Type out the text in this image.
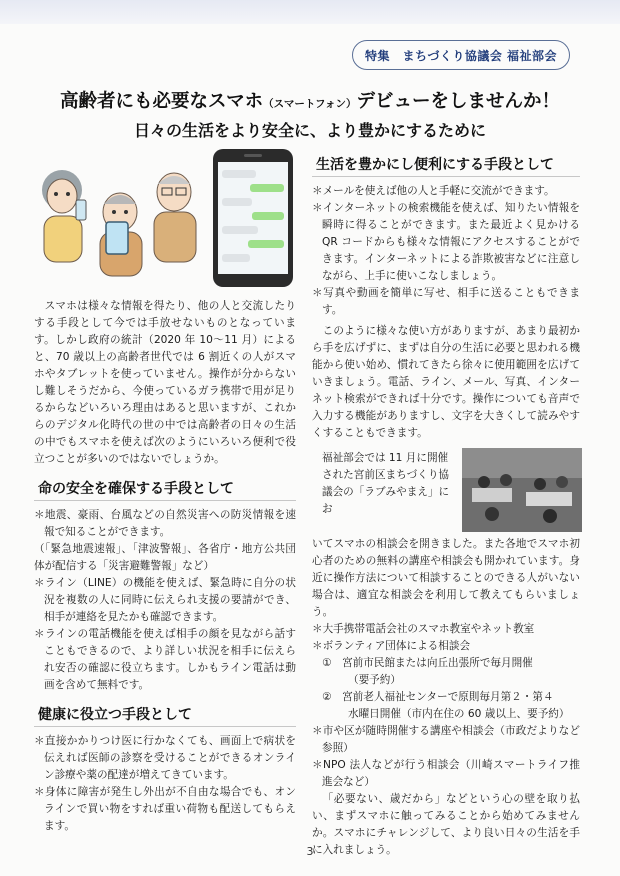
特集　まちづくり協議会 福祉部会
高齢者にも必要なスマホ（スマートフォン）デビューをしませんか！
日々の生活をより安全に、より豊かにするために

スマホは様々な情報を得たり、他の人と交流したりする手段として今では手放せないものとなっています。しかし政府の統計（2020 年 10～11 月）によると、70 歳以上の高齢者世代では 6 割近くの人がスマホやタブレットを使っていません。操作が分からないし難しそうだから、今使っているガラ携帯で用が足りるからなどいろいろ理由はあると思いますが、これからのデジタル化時代の世の中では高齢者の日々の生活の中でもスマホを使えば次のようにいろいろ便利で役立つことが多いのではないでしょうか。

命の安全を確保する手段として

＊地震、豪雨、台風などの自然災害への防災情報を速報で知ることができます。

（「緊急地震速報」、「津波警報」、各省庁・地方公共団体が配信する「災害避難警報」など）

＊ライン（LINE）の機能を使えば、緊急時に自分の状況を複数の人に同時に伝えられ支援の要請ができ、相手が連絡を見たかも確認できます。

＊ラインの電話機能を使えば相手の顔を見ながら話すこともできるので、より詳しい状況を相手に伝えられ安否の確認に役立ちます。しかもライン電話は動画を含めて無料です。

健康に役立つ手段として

＊直接かかりつけ医に行かなくても、画面上で病状を伝えれば医師の診察を受けることができるオンライン診療や薬の配達が増えてきています。

＊身体に障害が発生し外出が不自由な場合でも、オンラインで買い物をすれば重い荷物も配送してもらえます。

生活を豊かにし便利にする手段として

＊メールを使えば他の人と手軽に交流ができます。

＊インターネットの検索機能を使えば、知りたい情報を瞬時に得ることができます。また最近よく見かける QR コードからも様々な情報にアクセスすることができます。インターネットによる詐欺被害などに注意しながら、上手に使いこなしましょう。

＊写真や動画を簡単に写せ、相手に送ることもできます。

このように様々な使い方がありますが、あまり最初から手を広げずに、まずは自分の生活に必要と思われる機能から使い始め、慣れてきたら徐々に使用範囲を広げていきましょう。電話、ライン、メール、写真、インターネット検索ができれば十分です。操作についても音声で入力する機能がありますし、文字を大きくして読みやすくすることもできます。

福祉部会では 11 月に開催された宮前区まちづくり協議会の「ラブみやまえ」にお

いてスマホの相談会を開きました。また各地でスマホ初心者のための無料の講座や相談会も開かれています。身近に操作方法について相談することのできる人がいない場合は、適宜な相談会を利用して教えてもらいましょう。

＊大手携帯電話会社のスマホ教室やネット教室

＊ボランティア団体による相談会

①　宮前市民館または向丘出張所で毎月開催

（要予約）

②　宮前老人福祉センターで原則毎月第２・第４

水曜日開催（市内在住の 60 歳以上、要予約）

＊市や区が随時開催する講座や相談会（市政だよりなど参照）

＊NPO 法人などが行う相談会（川崎スマートライフ推進会など）

「必要ない、歳だから」などという心の壁を取り払い、まずスマホに触ってみることから始めてみませんか。スマホにチャレンジして、より良い日々の生活を手に入れましょう。

3
